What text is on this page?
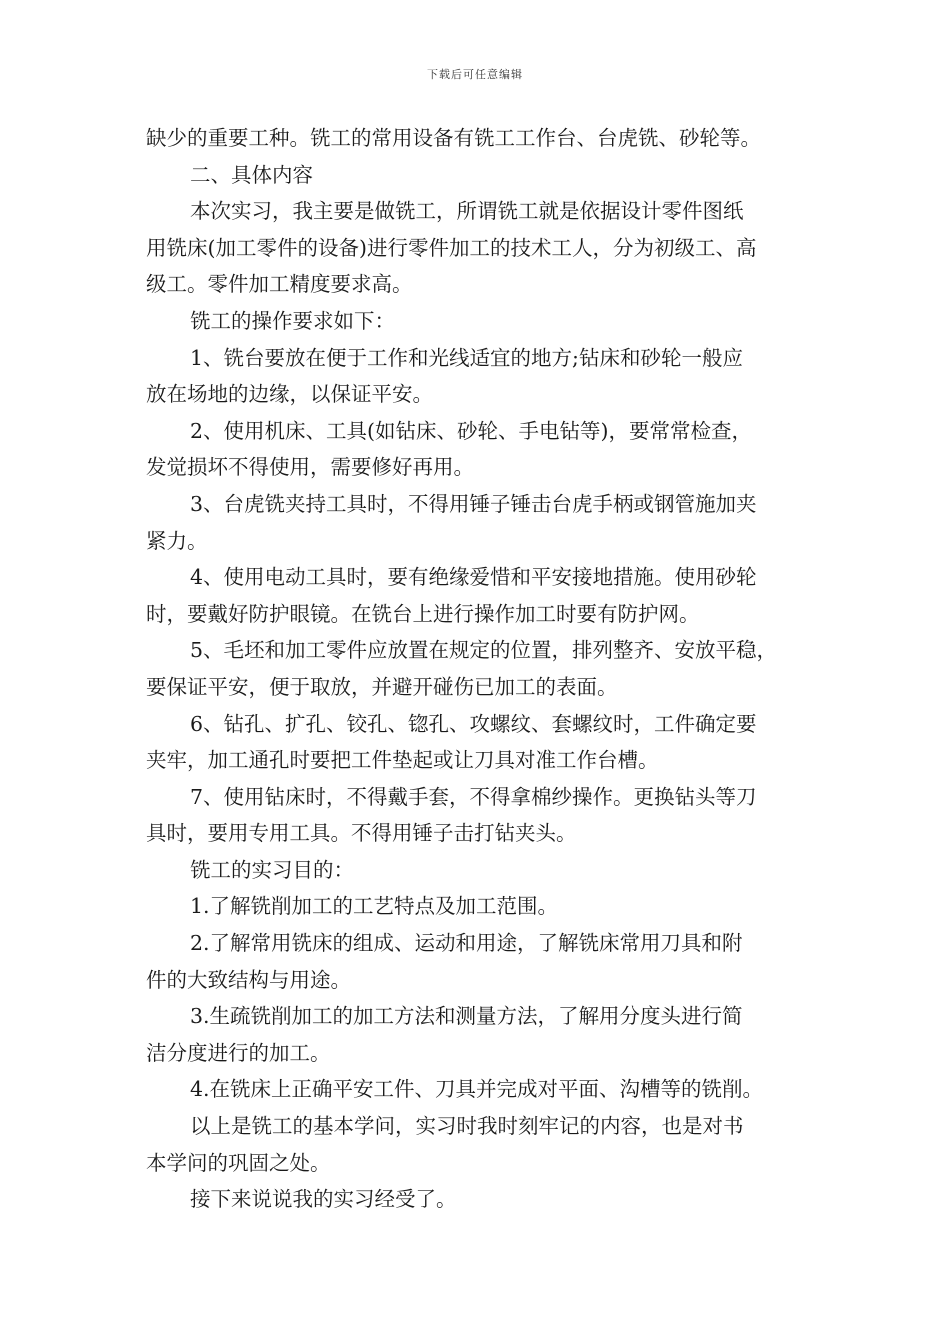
下载后可任意编辑
缺少的重要工种。铣工的常用设备有铣工工作台、台虎铣、砂轮等。
二、具体内容
本次实习，我主要是做铣工，所谓铣工就是依据设计零件图纸
用铣床(加工零件的设备)进行零件加工的技术工人，分为初级工、高
级工。零件加工精度要求高。
铣工的操作要求如下：
1、铣台要放在便于工作和光线适宜的地方;钻床和砂轮一般应
放在场地的边缘，以保证平安。
2、使用机床、工具(如钻床、砂轮、手电钻等)，要常常检查，
发觉损坏不得使用，需要修好再用。
3、台虎铣夹持工具时，不得用锤子锤击台虎手柄或钢管施加夹
紧力。
4、使用电动工具时，要有绝缘爱惜和平安接地措施。使用砂轮
时，要戴好防护眼镜。在铣台上进行操作加工时要有防护网。
5、毛坯和加工零件应放置在规定的位置，排列整齐、安放平稳，
要保证平安，便于取放，并避开碰伤已加工的表面。
6、钻孔、扩孔、铰孔、锪孔、攻螺纹、套螺纹时，工件确定要
夹牢，加工通孔时要把工件垫起或让刀具对准工作台槽。
7、使用钻床时，不得戴手套，不得拿棉纱操作。更换钻头等刀
具时，要用专用工具。不得用锤子击打钻夹头。
铣工的实习目的：
1.了解铣削加工的工艺特点及加工范围。
2.了解常用铣床的组成、运动和用途，了解铣床常用刀具和附
件的大致结构与用途。
3.生疏铣削加工的加工方法和测量方法，了解用分度头进行简
洁分度进行的加工。
4.在铣床上正确平安工件、刀具并完成对平面、沟槽等的铣削。
以上是铣工的基本学问，实习时我时刻牢记的内容，也是对书
本学问的巩固之处。
接下来说说我的实习经受了。
